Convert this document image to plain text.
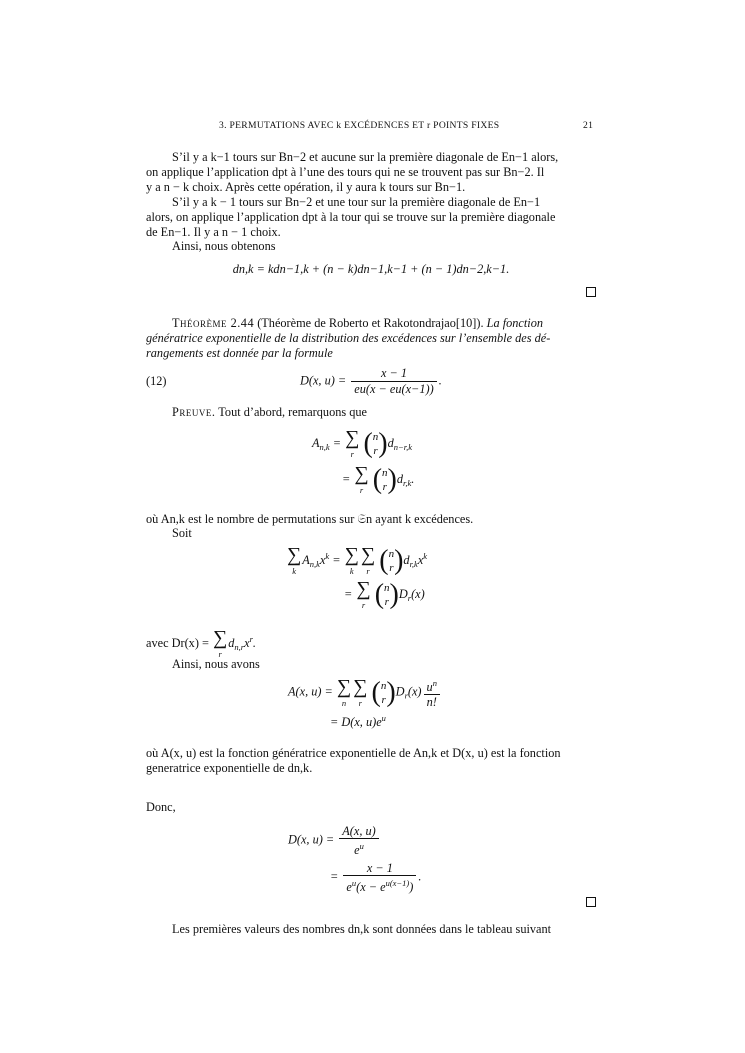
3. PERMUTATIONS AVEC k EXCÉDENCES ET r POINTS FIXES	21
S’il y a k−1 tours sur Bn−2 et aucune sur la première diagonale de En−1 alors,
on applique l’application dpt à l’une des tours qui ne se trouvent pas sur Bn−2. Il
y a n − k choix. Après cette opération, il y aura k tours sur Bn−1.
S’il y a k − 1 tours sur Bn−2 et une tour sur la première diagonale de En−1
alors, on applique l’application dpt à la tour qui se trouve sur la première diagonale
de En−1. Il y a n − 1 choix.
Ainsi, nous obtenons
dn,k = kdn−1,k + (n − k)dn−1,k−1 + (n − 1)dn−2,k−1.
Théorème 2.44 (Théorème de Roberto et Rakotondrajao[10]). La fonction
génératrice exponentielle de la distribution des excédences sur l’ensemble des dé-
rangements est donnée par la formule
(12)	D(x, $u) = \frac{x - 1}{eu(x - eu(x-1))}$ .
Preuve. Tout d’abord, remarquons que
$A_{n,k}$ = ∑
r (n
$r)d_{n-r,k}$
= ∑
r (n
$r)d_{r,k}$.
où An,k est le nombre de permutations sur 𝔖n ayant k excédences.
Soit
∑
k
$A_{n,k}x^k$ = ∑
k
∑
r (n
$r)d_{r,k}x^k$
= ∑
r (n
$r)D_r(x)$
avec Dr(x) = ∑
r
$d_{n,r}x^r$.
Ainsi, nous avons
A(x, u) = ∑
n
∑
r (n
$r)D_r(x) \frac{u^n}{n!}$
= D(x, $u)e^u$
où A(x, u) est la fonction génératrice exponentielle de An,k et D(x, u) est la fonction
generatrice exponentielle de dn,k.
Donc,
D(x, $u) = \frac{A(x, u)}{e^u}$
= $\frac{x - 1}{e^u(x - e^{u(x-1)})}$ .
Les premières valeurs des nombres dn,k sont données dans le tableau suivant
